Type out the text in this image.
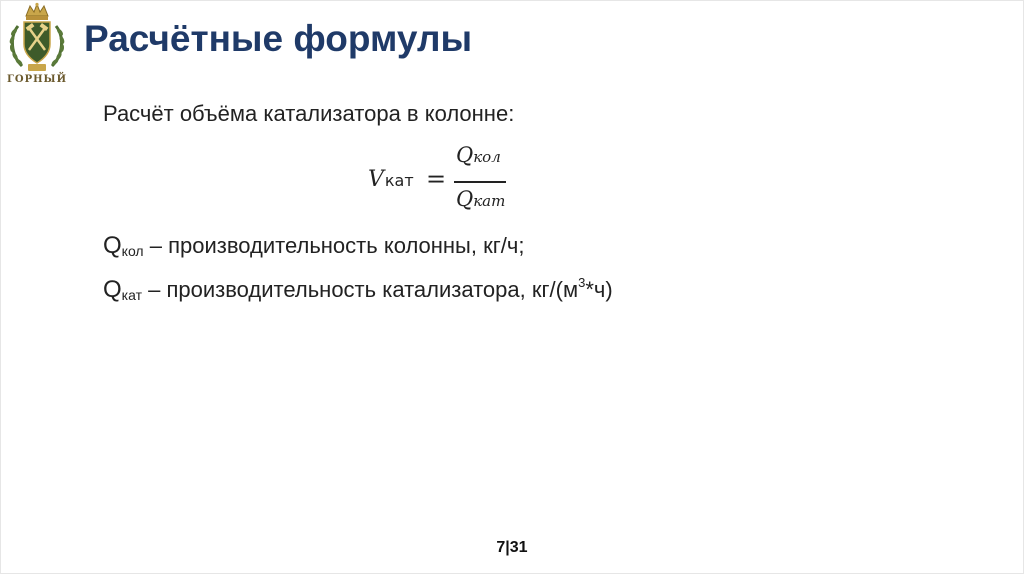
ГОРНЫЙ
Расчётные формулы
Расчёт объёма катализатора в колонне:
Vкат =
Qкол
Qкат
$Q_{кол}$ – производительность колонны, кг/ч;
$Q_{кат}$ – производительность катализатора, $кг/(м^3*ч)$
7|31
